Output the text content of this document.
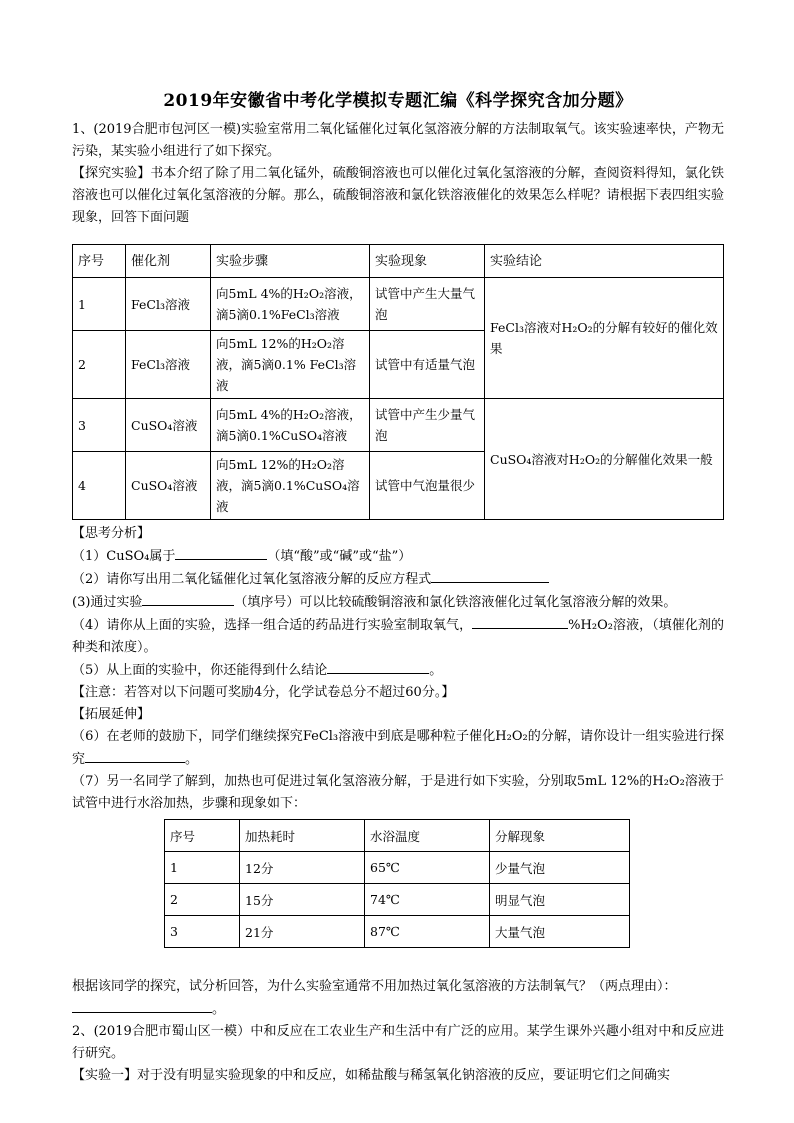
2019年安徽省中考化学模拟专题汇编《科学探究含加分题》

1、(2019合肥市包河区一模)实验室常用二氧化锰催化过氧化氢溶液分解的方法制取氧气。该实验速率快，产物无污染，某实验小组进行了如下探究。

【探究实验】书本介绍了除了用二氧化锰外，硫酸铜溶液也可以催化过氧化氢溶液的分解，查阅资料得知，氯化铁溶液也可以催化过氧化氢溶液的分解。那么，硫酸铜溶液和氯化铁溶液催化的效果怎么样呢？请根据下表四组实验现象，回答下面问题

序号	催化剂	实验步骤	实验现象	实验结论
1	FeCl₃溶液	向5mL 4%的H₂O₂溶液，滴5滴0.1%FeCl₃溶液	试管中产生大量气泡	FeCl₃溶液对H₂O₂的分解有较好的催化效果
2	FeCl₃溶液	向5mL 12%的H₂O₂溶液，滴5滴0.1% FeCl₃溶液	试管中有适量气泡	
3	CuSO₄溶液	向5mL 4%的H₂O₂溶液，滴5滴0.1%CuSO₄溶液	试管中产生少量气泡	CuSO₄溶液对H₂O₂的分解催化效果一般
4	CuSO₄溶液	向5mL 12%的H₂O₂溶液，滴5滴0.1%CuSO₄溶液	试管中气泡量很少	

【思考分析】

（1）CuSO₄属于	（填“酸”或“碱”或“盐”）

（2）请你写出用二氧化锰催化过氧化氢溶液分解的反应方程式

(3)通过实验	（填序号）可以比较硫酸铜溶液和氯化铁溶液催化过氧化氢溶液分解的效果。

（4）请你从上面的实验，选择一组合适的药品进行实验室制取氧气，	%H₂O₂溶液，（填催化剂的种类和浓度）。

（5）从上面的实验中，你还能得到什么结论	。

【注意：若答对以下问题可奖励4分，化学试卷总分不超过60分。】

【拓展延伸】

（6）在老师的鼓励下，同学们继续探究FeCl₃溶液中到底是哪种粒子催化H₂O₂的分解，请你设计一组实验进行探究	。

（7）另一名同学了解到，加热也可促进过氧化氢溶液分解，于是进行如下实验，分别取5mL 12%的H₂O₂溶液于试管中进行水浴加热，步骤和现象如下：

序号	加热耗时	水浴温度	分解现象
1	12分	65℃	少量气泡
2	15分	74℃	明显气泡
3	21分	87℃	大量气泡

根据该同学的探究，试分析回答，为什么实验室通常不用加热过氧化氢溶液的方法制氧气？（两点理由）：

。

2、(2019合肥市蜀山区一模）中和反应在工农业生产和生活中有广泛的应用。某学生课外兴趣小组对中和反应进行研究。

【实验一】对于没有明显实验现象的中和反应，如稀盐酸与稀氢氧化钠溶液的反应，要证明它们之间确实
